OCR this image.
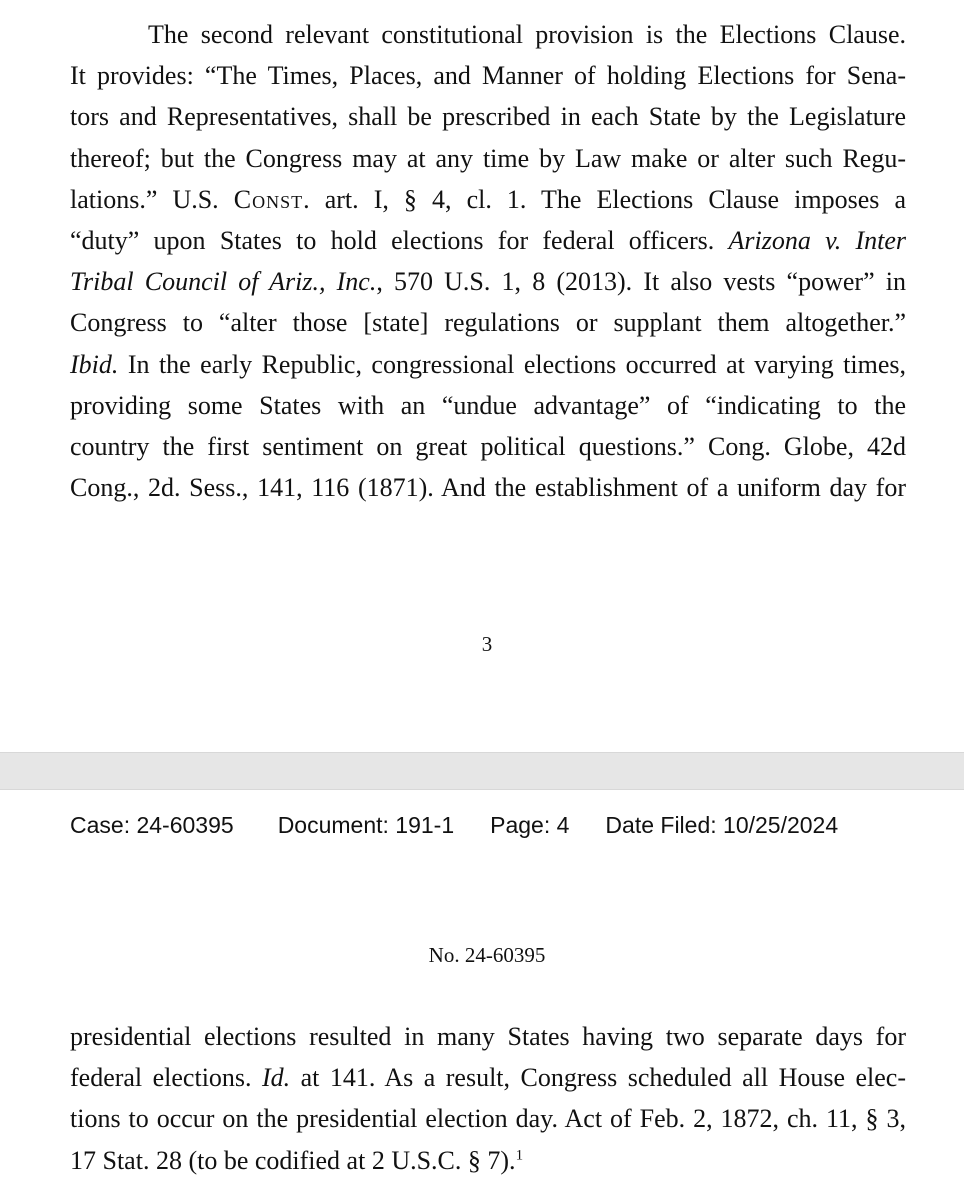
The second relevant constitutional provision is the Elections Clause.
It provides: “The Times, Places, and Manner of holding Elections for Sena-
tors and Representatives, shall be prescribed in each State by the Legislature
thereof; but the Congress may at any time by Law make or alter such Regu-
lations.” U.S. Const. art. I, § 4, cl. 1. The Elections Clause imposes a
“duty” upon States to hold elections for federal officers. Arizona v. Inter
Tribal Council of Ariz., Inc., 570 U.S. 1, 8 (2013). It also vests “power” in
Congress to “alter those [state] regulations or supplant them altogether.”
Ibid. In the early Republic, congressional elections occurred at varying times,
providing some States with an “undue advantage” of “indicating to the
country the first sentiment on great political questions.” Cong. Globe, 42d
Cong., 2d. Sess., 141, 116 (1871). And the establishment of a uniform day for
3
Case: 24-60395 Document: 191-1 Page: 4 Date Filed: 10/25/2024
No. 24-60395
presidential elections resulted in many States having two separate days for
federal elections. Id. at 141. As a result, Congress scheduled all House elec-
tions to occur on the presidential election day. Act of Feb. 2, 1872, ch. 11, § 3,
17 Stat. 28 (to be codified at 2 U.S.C. § 7).$^1$
